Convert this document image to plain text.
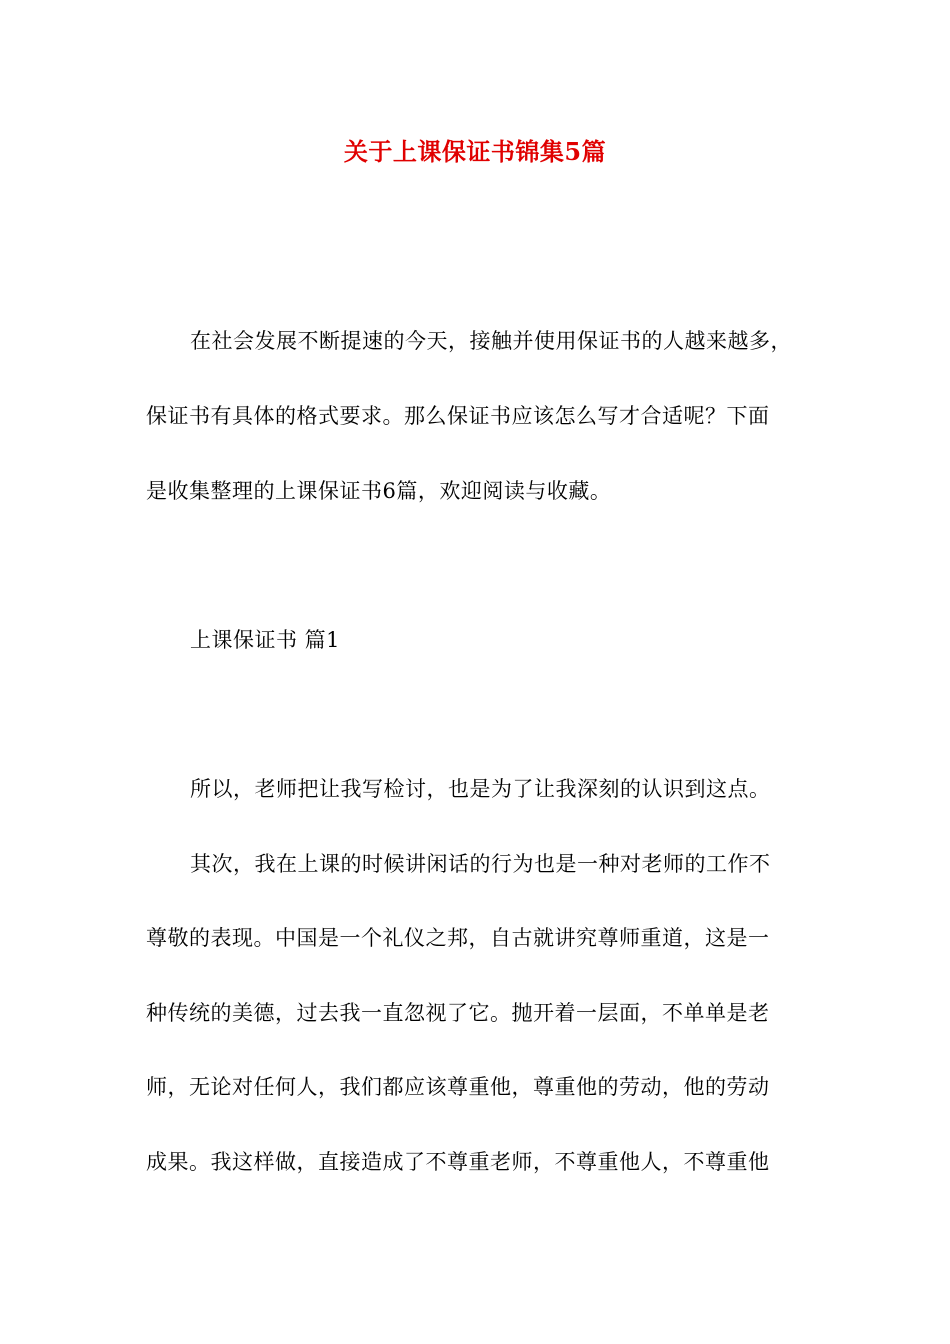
关于上课保证书锦集5篇
在社会发展不断提速的今天，接触并使用保证书的人越来越多，
保证书有具体的格式要求。那么保证书应该怎么写才合适呢？下面
是收集整理的上课保证书6篇，欢迎阅读与收藏。
上课保证书 篇1
所以，老师把让我写检讨，也是为了让我深刻的认识到这点。
其次，我在上课的时候讲闲话的行为也是一种对老师的工作不
尊敬的表现。中国是一个礼仪之邦，自古就讲究尊师重道，这是一
种传统的美德，过去我一直忽视了它。抛开着一层面，不单单是老
师，无论对任何人，我们都应该尊重他，尊重他的劳动，他的劳动
成果。我这样做，直接造成了不尊重老师，不尊重他人，不尊重他
